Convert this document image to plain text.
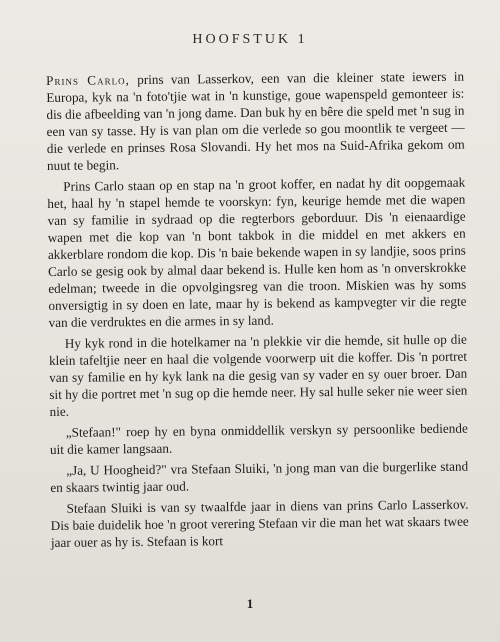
HOOFSTUK 1

Prins Carlo, prins van Lasserkov, een van die kleiner state iewers in Europa, kyk na 'n foto'tjie wat in 'n kunstige, goue wapenspeld gemonteer is: dis die afbeelding van 'n jong dame. Dan buk hy en bêre die speld met 'n sug in een van sy tasse. Hy is van plan om die verlede so gou moontlik te vergeet — die verlede en prinses Rosa Slovandi. Hy het mos na Suid-Afrika gekom om nuut te begin.

Prins Carlo staan op en stap na 'n groot koffer, en nadat hy dit oopgemaak het, haal hy 'n stapel hemde te voorskyn: fyn, keurige hemde met die wapen van sy familie in sydraad op die regterbors geborduur. Dis 'n eienaardige wapen met die kop van 'n bont takbok in die middel en met akkers en akkerblare rondom die kop. Dis 'n baie bekende wapen in sy landjie, soos prins Carlo se gesig ook by almal daar bekend is. Hulle ken hom as 'n onverskrokke edelman; tweede in die opvolgingsreg van die troon. Miskien was hy soms onversigtig in sy doen en late, maar hy is bekend as kampvegter vir die regte van die verdruktes en die armes in sy land.

Hy kyk rond in die hotelkamer na 'n plekkie vir die hemde, sit hulle op die klein tafeltjie neer en haal die volgende voorwerp uit die koffer. Dis 'n portret van sy familie en hy kyk lank na die gesig van sy vader en sy ouer broer. Dan sit hy die portret met 'n sug op die hemde neer. Hy sal hulle seker nie weer sien nie.

„Stefaan!" roep hy en byna onmiddellik verskyn sy persoonlike bediende uit die kamer langsaan.

„Ja, U Hoogheid?" vra Stefaan Sluiki, 'n jong man van die burgerlike stand en skaars twintig jaar oud.

Stefaan Sluiki is van sy twaalfde jaar in diens van prins Carlo Lasserkov. Dis baie duidelik hoe 'n groot verering Stefaan vir die man het wat skaars twee jaar ouer as hy is. Stefaan is kort

1
